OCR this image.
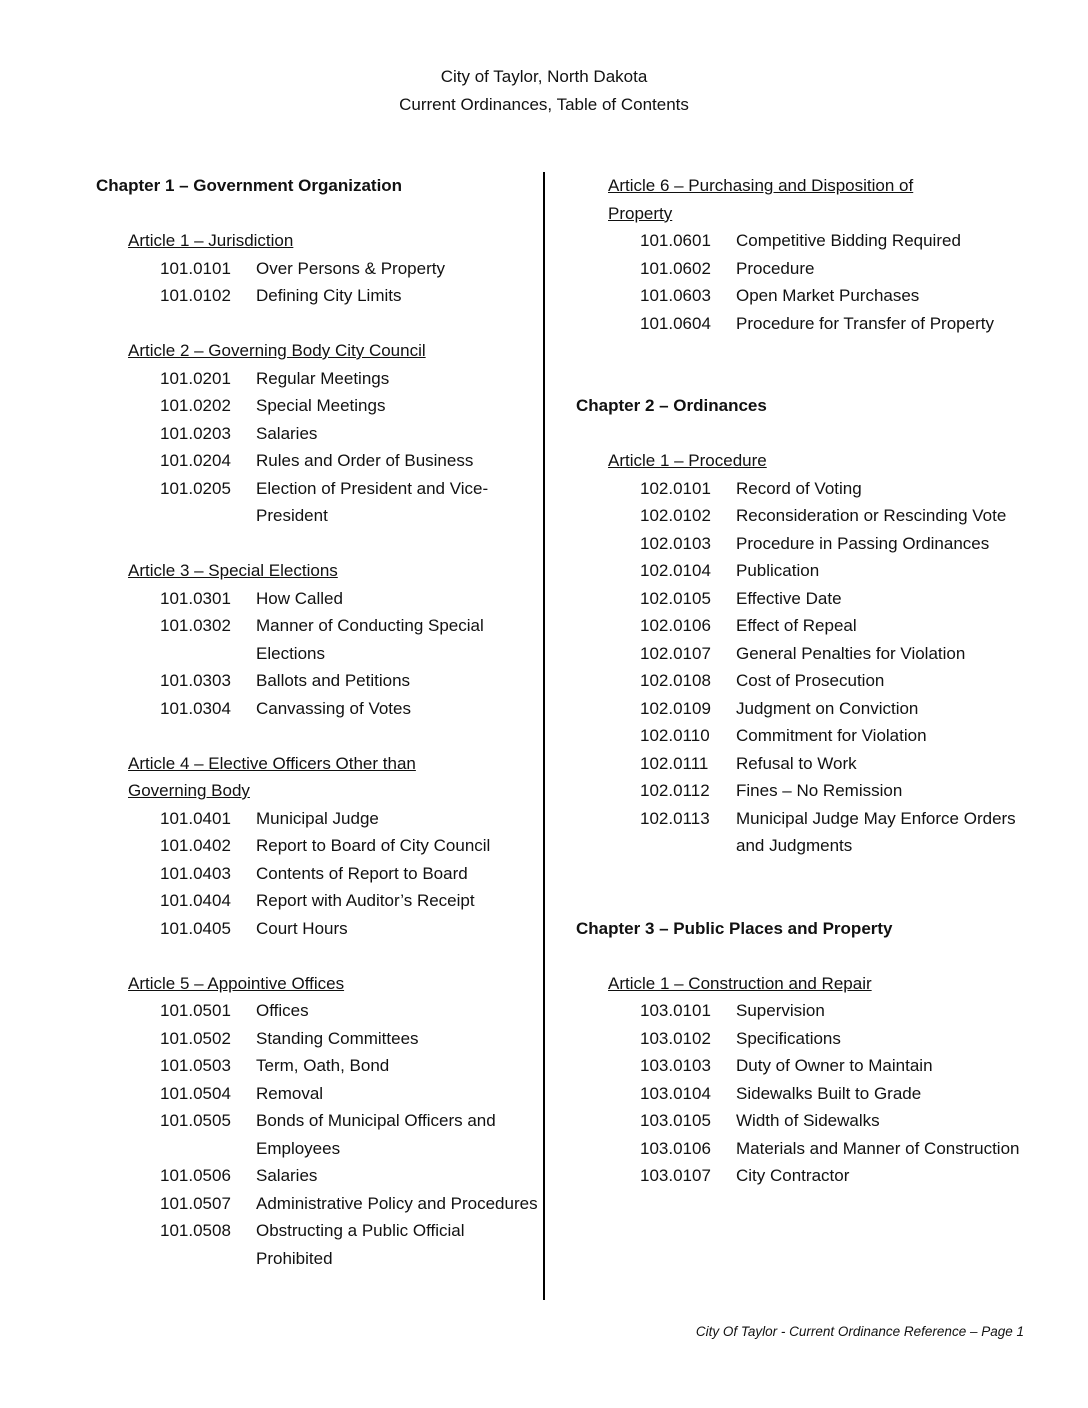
City of Taylor, North Dakota
Current Ordinances, Table of Contents
Chapter 1 – Government Organization
Article 1 – Jurisdiction
101.0101	Over Persons & Property
101.0102	Defining City Limits
Article 2 – Governing Body City Council
101.0201	Regular Meetings
101.0202	Special Meetings
101.0203	Salaries
101.0204	Rules and Order of Business
101.0205	Election of President and Vice-President
Article 3 – Special Elections
101.0301	How Called
101.0302	Manner of Conducting Special Elections
101.0303	Ballots and Petitions
101.0304	Canvassing of Votes
Article 4 – Elective Officers Other than Governing Body
101.0401	Municipal Judge
101.0402	Report to Board of City Council
101.0403	Contents of Report to Board
101.0404	Report with Auditor’s Receipt
101.0405	Court Hours
Article 5 – Appointive Offices
101.0501	Offices
101.0502	Standing Committees
101.0503	Term, Oath, Bond
101.0504	Removal
101.0505	Bonds of Municipal Officers and Employees
101.0506	Salaries
101.0507	Administrative Policy and Procedures
101.0508	Obstructing a Public Official Prohibited
Article 6 – Purchasing and Disposition of Property
101.0601	Competitive Bidding Required
101.0602	Procedure
101.0603	Open Market Purchases
101.0604	Procedure for Transfer of Property
Chapter 2 – Ordinances
Article 1 – Procedure
102.0101	Record of Voting
102.0102	Reconsideration or Rescinding Vote
102.0103	Procedure in Passing Ordinances
102.0104	Publication
102.0105	Effective Date
102.0106	Effect of Repeal
102.0107	General Penalties for Violation
102.0108	Cost of Prosecution
102.0109	Judgment on Conviction
102.0110	Commitment for Violation
102.0111	Refusal to Work
102.0112	Fines – No Remission
102.0113	Municipal Judge May Enforce Orders and Judgments
Chapter 3 – Public Places and Property
Article 1 – Construction and Repair
103.0101	Supervision
103.0102	Specifications
103.0103	Duty of Owner to Maintain
103.0104	Sidewalks Built to Grade
103.0105	Width of Sidewalks
103.0106	Materials and Manner of Construction
103.0107	City Contractor
City Of Taylor - Current Ordinance Reference – Page 1
